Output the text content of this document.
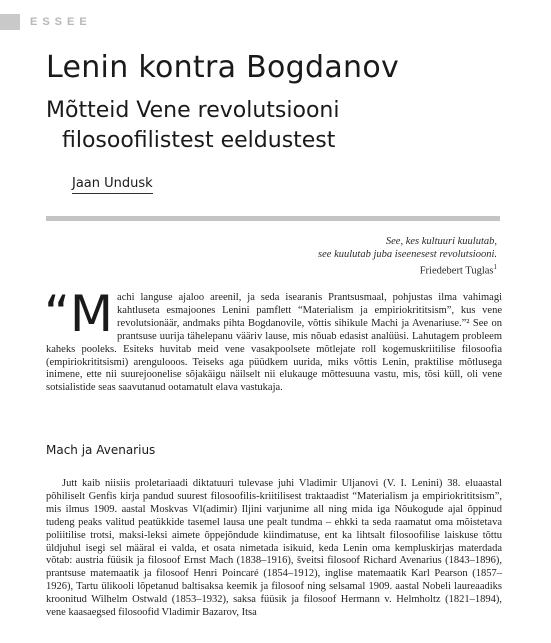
ESSEE
Lenin kontra Bogdanov
Mõtteid Vene revolutsiooni
filosoofilistest eeldustest
Jaan Undusk
See, kes kultuuri kuulutab,
see kuulutab juba iseenesest revolutsiooni.
Friedebert Tuglas$^1$
“M achi languse ajaloo areenil, ja seda isearanis Prantsusmaal, pohjustas ilma vahimagi kahtluseta esmajoones Lenini pamflett “Materialism ja empiriokrititsism”, kus vene revolutsionäär, andmaks pihta Bogdanovile, võttis sihikule Machi ja Avenariuse.”² See on prantsuse uurija tähelepanu vääriv lause, mis nõuab edasist analüüsi. Lahutagem probleem kaheks pooleks. Esiteks huvitab meid vene vasakpoolsete mõtlejate roll kogemuskriitilise filosoofia (empiriokrititsismi) arengulooos. Teiseks aga püüdkem uurida, miks võttis Lenin, praktilise mõtlusega inimene, ette nii suurejoonelise sõjakäigu näilselt nii elukauge mõttesuuna vastu, mis, tõsi küll, oli vene sotsialistide seas saavutanud ootamatult elava vastukaja.
Mach ja Avenarius

Jutt kaib niisiis proletariaadi diktatuuri tulevase juhi Vladimir Uljanovi (V. I. Lenini) 38. eluaastal põhiliselt Genfis kirja pandud suurest filosoofilis-kriitilisest traktaadist “Materialism ja empiriokrititsism”, mis ilmus 1909. aastal Moskvas Vl(adimir) Iljini varjunime all ning mida iga Nõukogude ajal õppinud tudeng peaks valitud peatükkide tasemel lausa une pealt tundma – ehkki ta seda raamatut oma mõistetava poliitilise trotsi, maksi-leksi aimete õppejõndude kiindimatuse, ent ka lihtsalt filosoofilise laiskuse tõttu üldjuhul isegi sel määral ei valda, et osata nimetada isikuid, keda Lenin oma kempluskirjas materdada võtab: austria füüsik ja filosoof Ernst Mach (1838–1916), šveitsi filosoof Richard Avenarius (1843–1896), prantsuse matemaatik ja filosoof Henri Poincaré (1854–1912), inglise matemaatik Karl Pearson (1857–1926), Tartu ülikooli lõpetanud baltisaksa keemik ja filosoof ning selsamal 1909. aastal Nobeli laureaadiks kroonitud Wilhelm Ostwald (1853–1932), saksa füüsik ja filosoof Hermann v. Helmholtz (1821–1894), vene kaasaegsed filosoofid Vladimir Bazarov, Itsa
